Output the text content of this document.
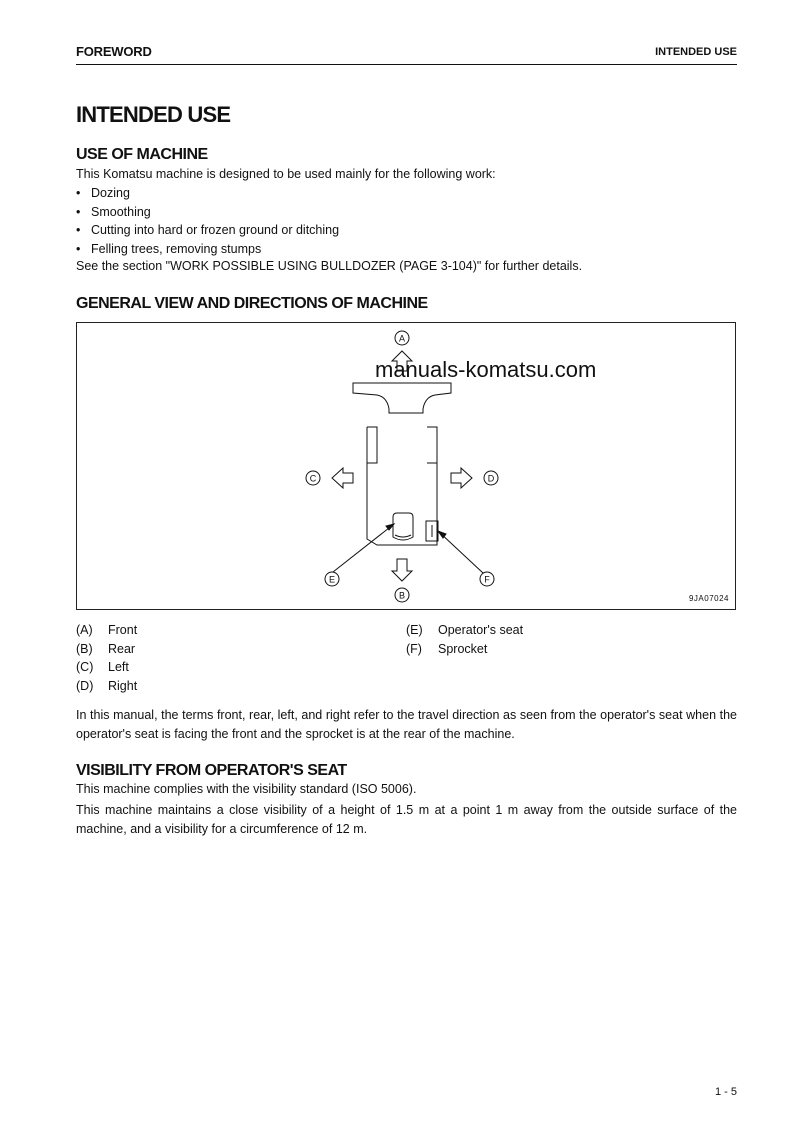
FOREWORD	INTENDED USE
INTENDED USE
USE OF MACHINE

This Komatsu machine is designed to be used mainly for the following work:

• Dozing
• Smoothing
• Cutting into hard or frozen ground or ditching
• Felling trees, removing stumps

See the section "WORK POSSIBLE USING BULLDOZER (PAGE 3-104)" for further details.

GENERAL VIEW AND DIRECTIONS OF MACHINE
A
B
C	D
E	F
manuals-komatsu.com
9JA07024
(A) Front
(B) Rear
(C) Left
(D) Right
(E) Operator's seat
(F) Sprocket

In this manual, the terms front, rear, left, and right refer to the travel direction as seen from the operator's seat when the operator's seat is facing the front and the sprocket is at the rear of the machine.

VISIBILITY FROM OPERATOR'S SEAT

This machine complies with the visibility standard (ISO 5006).

This machine maintains a close visibility of a height of 1.5 m at a point 1 m away from the outside surface of the machine, and a visibility for a circumference of 12 m.

1 - 5
